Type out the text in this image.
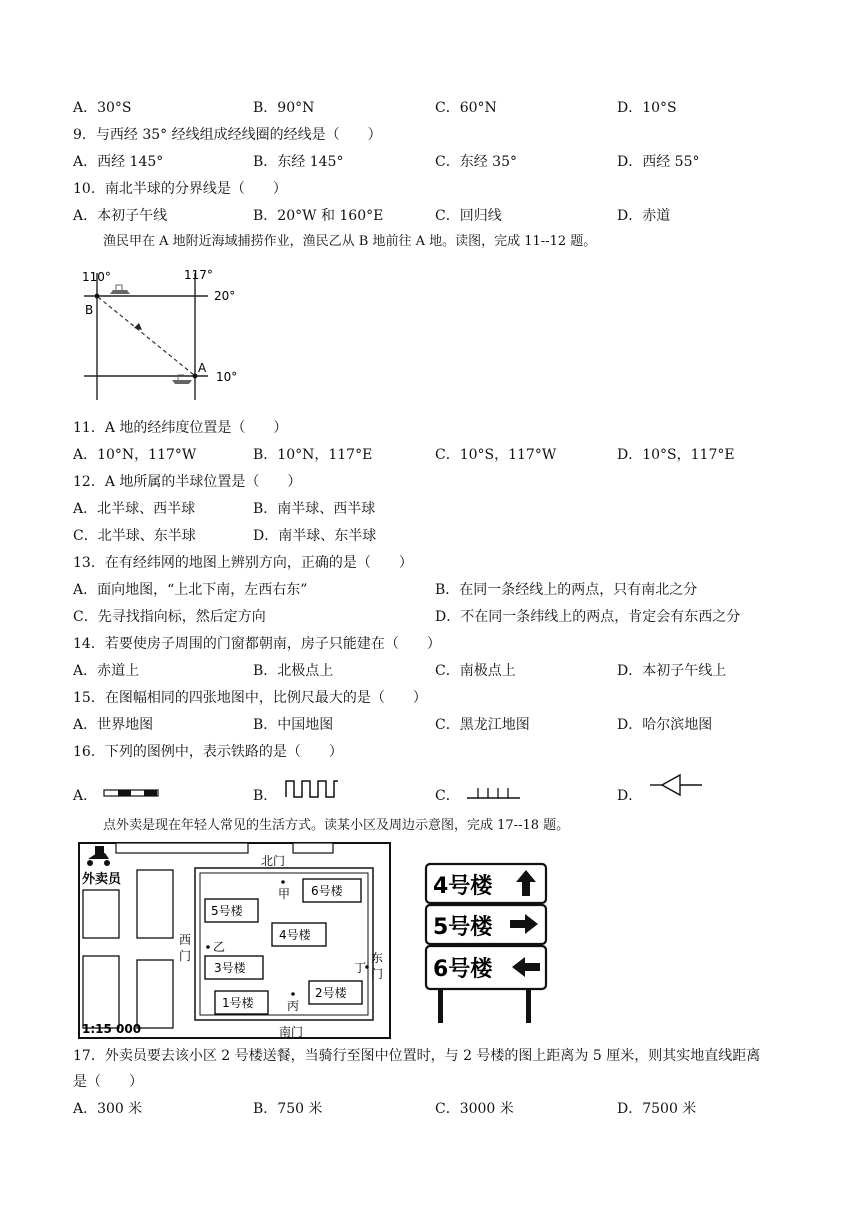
A．30°S	B．90°N	C．60°N	D．10°S
9．与西经 35° 经线组成经线圈的经线是（　　）
A．西经 145°	B．东经 145°	C．东经 35°	D．西经 55°
10．南北半球的分界线是（　　）
A．本初子午线	B．20°W 和 160°E	C．回归线	D．赤道
渔民甲在 A 地附近海域捕捞作业，渔民乙从 B 地前往 A 地。读图，完成 11--12 题。
110°	117°
20°
10°
B
A
11．A 地的经纬度位置是（　　）
A．10°N，117°W	B．10°N，117°E	C．10°S，117°W	D．10°S，117°E
12．A 地所属的半球位置是（　　）
A．北半球、西半球	B．南半球、西半球
C．北半球、东半球	D．南半球、东半球
13．在有经纬网的地图上辨别方向，正确的是（　　）
A．面向地图，“上北下南，左西右东”	B．在同一条经线上的两点，只有南北之分
C．先寻找指向标，然后定方向	D．不在同一条纬线上的两点，肯定会有东西之分
14．若要使房子周围的门窗都朝南，房子只能建在（　　）
A．赤道上	B．北极点上	C．南极点上	D．本初子午线上
15．在图幅相同的四张地图中，比例尺最大的是（　　）
A．世界地图	B．中国地图	C．黑龙江地图	D．哈尔滨地图
16．下列的图例中，表示铁路的是（　　）
A．	B．	C．	D．
点外卖是现在年轻人常见的生活方式。读某小区及周边示意图，完成 17--18 题。
外卖员
北门
南门
西
门	东
门
5号楼
6号楼
4号楼
3号楼
2号楼
1号楼
甲
乙
丙
丁
1:15 000
4号楼
5号楼
6号楼
17．外卖员要去该小区 2 号楼送餐，当骑行至图中位置时，与 2 号楼的图上距离为 5 厘米，则其实地直线距离
是（　　）
A．300 米	B．750 米	C．3000 米	D．7500 米
